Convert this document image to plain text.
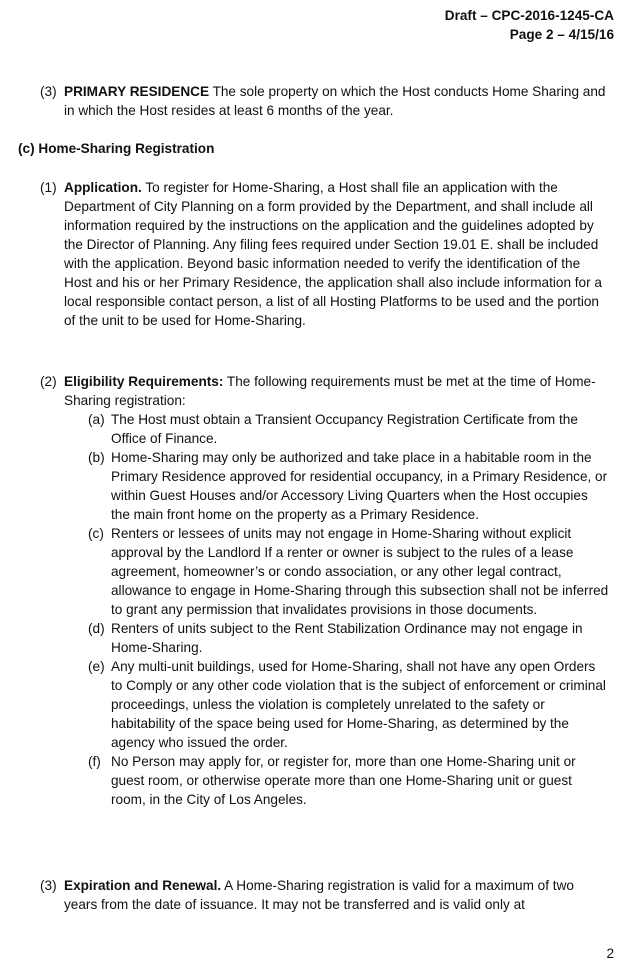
Draft – CPC-2016-1245-CA
Page 2 – 4/15/16
(3) PRIMARY RESIDENCE The sole property on which the Host conducts Home Sharing and in which the Host resides at least 6 months of the year.
(c) Home-Sharing Registration
(1) Application. To register for Home-Sharing, a Host shall file an application with the Department of City Planning on a form provided by the Department, and shall include all information required by the instructions on the application and the guidelines adopted by the Director of Planning. Any filing fees required under Section 19.01 E. shall be included with the application. Beyond basic information needed to verify the identification of the Host and his or her Primary Residence, the application shall also include information for a local responsible contact person, a list of all Hosting Platforms to be used and the portion of the unit to be used for Home-Sharing.
(2) Eligibility Requirements: The following requirements must be met at the time of Home-Sharing registration:
(a) The Host must obtain a Transient Occupancy Registration Certificate from the Office of Finance.
(b) Home-Sharing may only be authorized and take place in a habitable room in the Primary Residence approved for residential occupancy, in a Primary Residence, or within Guest Houses and/or Accessory Living Quarters when the Host occupies the main front home on the property as a Primary Residence.
(c) Renters or lessees of units may not engage in Home-Sharing without explicit approval by the Landlord If a renter or owner is subject to the rules of a lease agreement, homeowner’s or condo association, or any other legal contract, allowance to engage in Home-Sharing through this subsection shall not be inferred to grant any permission that invalidates provisions in those documents.
(d) Renters of units subject to the Rent Stabilization Ordinance may not engage in Home-Sharing.
(e) Any multi-unit buildings, used for Home-Sharing, shall not have any open Orders to Comply or any other code violation that is the subject of enforcement or criminal proceedings, unless the violation is completely unrelated to the safety or habitability of the space being used for Home-Sharing, as determined by the agency who issued the order.
(f) No Person may apply for, or register for, more than one Home-Sharing unit or guest room, or otherwise operate more than one Home-Sharing unit or guest room, in the City of Los Angeles.
(3) Expiration and Renewal. A Home-Sharing registration is valid for a maximum of two years from the date of issuance. It may not be transferred and is valid only at
2
